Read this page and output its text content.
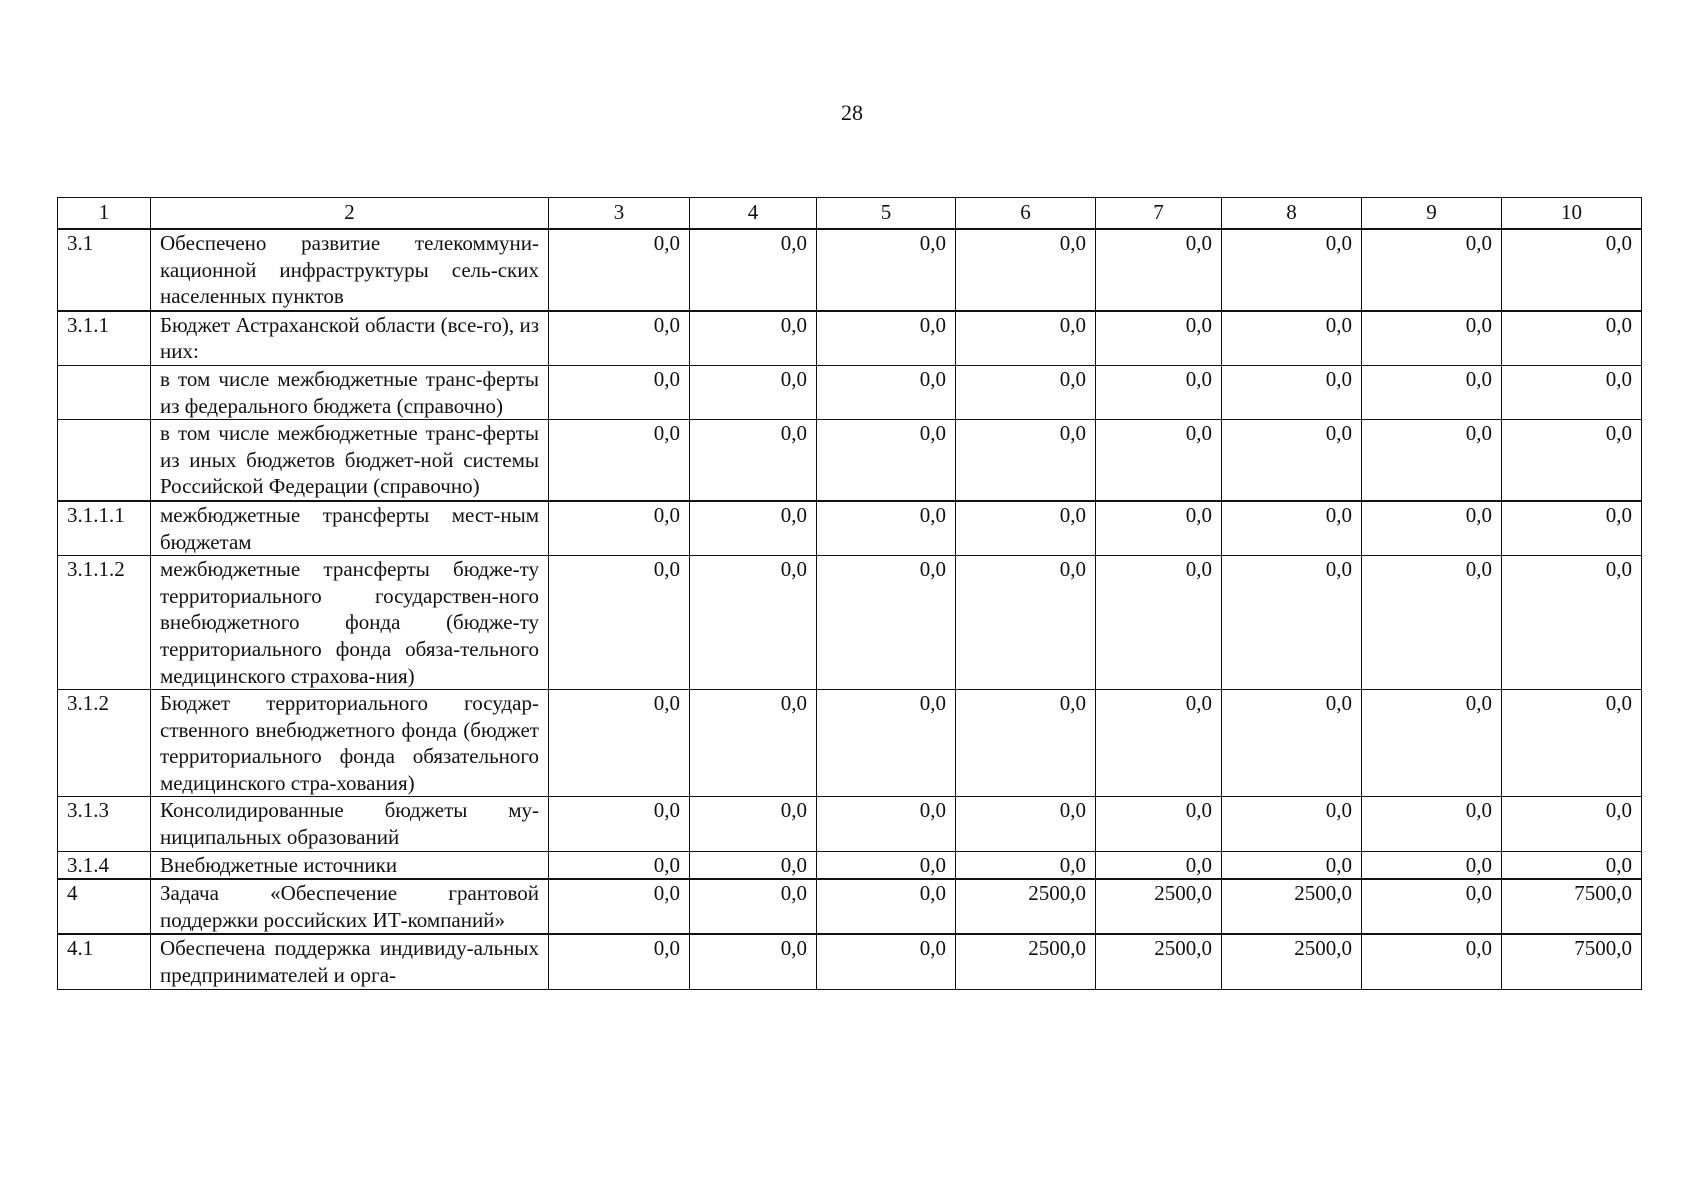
28
1	2	3	4	5	6	7	8	9	10
3.1	Обеспечено развитие телекоммуни-кационной инфраструктуры сель-ских населенных пунктов	0,0	0,0	0,0	0,0	0,0	0,0	0,0	0,0
3.1.1	Бюджет Астраханской области (все-го), из них:	0,0	0,0	0,0	0,0	0,0	0,0	0,0	0,0
	в том числе межбюджетные транс-ферты из федерального бюджета (справочно)	0,0	0,0	0,0	0,0	0,0	0,0	0,0	0,0
	в том числе межбюджетные транс-ферты из иных бюджетов бюджет-ной системы Российской Федерации (справочно)	0,0	0,0	0,0	0,0	0,0	0,0	0,0	0,0
3.1.1.1	межбюджетные трансферты мест-ным бюджетам	0,0	0,0	0,0	0,0	0,0	0,0	0,0	0,0
3.1.1.2	межбюджетные трансферты бюдже-ту территориального государствен-ного внебюджетного фонда (бюдже-ту территориального фонда обяза-тельного медицинского страхова-ния)	0,0	0,0	0,0	0,0	0,0	0,0	0,0	0,0
3.1.2	Бюджет территориального государ-ственного внебюджетного фонда (бюджет территориального фонда обязательного медицинского стра-хования)	0,0	0,0	0,0	0,0	0,0	0,0	0,0	0,0
3.1.3	Консолидированные бюджеты му-ниципальных образований	0,0	0,0	0,0	0,0	0,0	0,0	0,0	0,0
3.1.4	Внебюджетные источники	0,0	0,0	0,0	0,0	0,0	0,0	0,0	0,0
4	Задача «Обеспечение грантовой поддержки российских ИТ-компаний»	0,0	0,0	0,0	2500,0	2500,0	2500,0	0,0	7500,0
4.1	Обеспечена поддержка индивиду-альных предпринимателей и орга-	0,0	0,0	0,0	2500,0	2500,0	2500,0	0,0	7500,0
